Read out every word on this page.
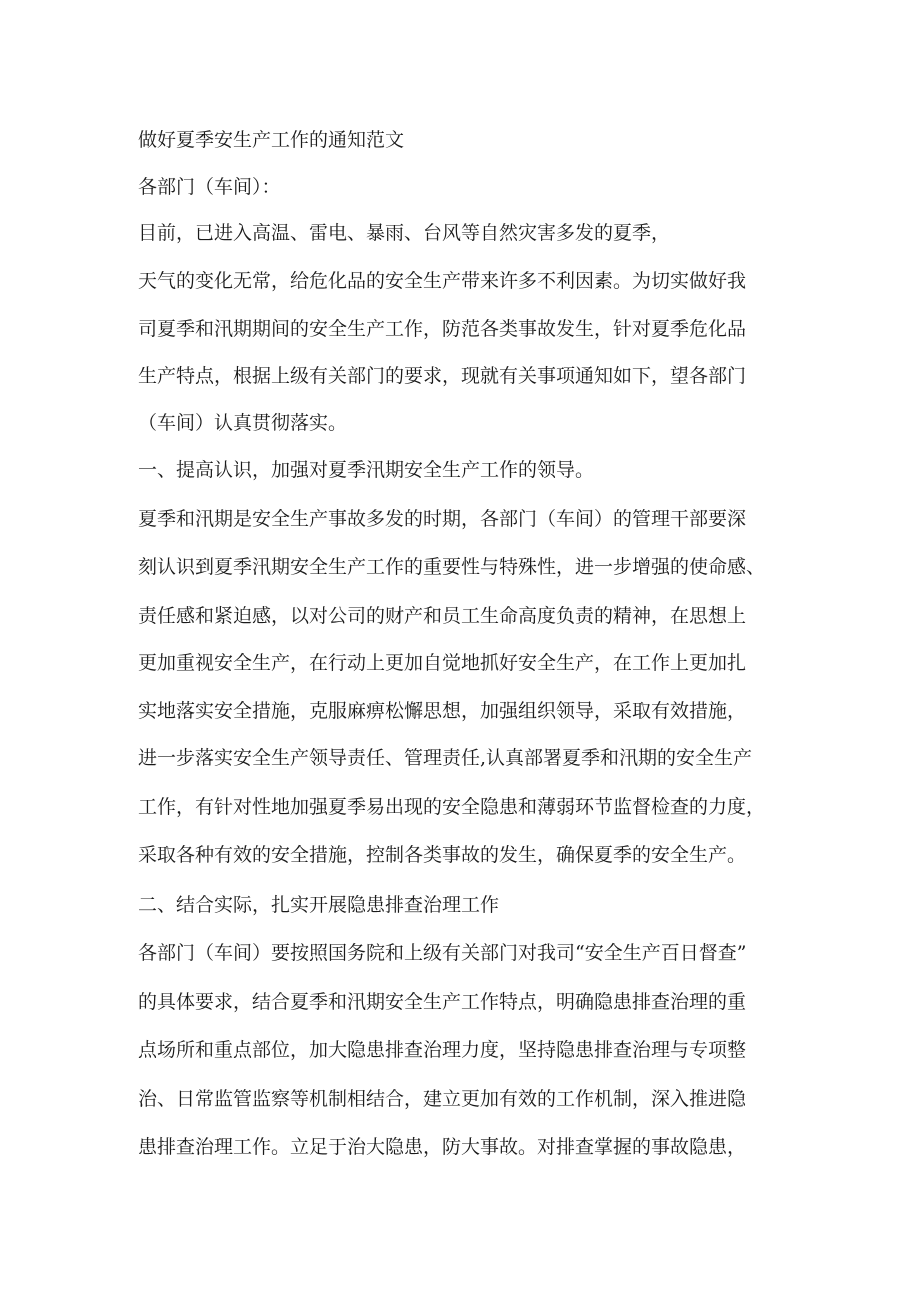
做好夏季安生产工作的通知范文

各部门（车间）：

目前，已进入高温、雷电、暴雨、台风等自然灾害多发的夏季，

天气的变化无常，给危化品的安全生产带来许多不利因素。为切实做好我

司夏季和汛期期间的安全生产工作，防范各类事故发生，针对夏季危化品

生产特点，根据上级有关部门的要求，现就有关事项通知如下，望各部门

（车间）认真贯彻落实。

一、提高认识，加强对夏季汛期安全生产工作的领导。

夏季和汛期是安全生产事故多发的时期，各部门（车间）的管理干部要深

刻认识到夏季汛期安全生产工作的重要性与特殊性，进一步增强的使命感、

责任感和紧迫感，以对公司的财产和员工生命高度负责的精神，在思想上

更加重视安全生产，在行动上更加自觉地抓好安全生产，在工作上更加扎

实地落实安全措施，克服麻痹松懈思想，加强组织领导，采取有效措施，

进一步落实安全生产领导责任、管理责任,认真部署夏季和汛期的安全生产

工作，有针对性地加强夏季易出现的安全隐患和薄弱环节监督检查的力度，

采取各种有效的安全措施，控制各类事故的发生，确保夏季的安全生产。

二、结合实际，扎实开展隐患排查治理工作

各部门（车间）要按照国务院和上级有关部门对我司“安全生产百日督查”

的具体要求，结合夏季和汛期安全生产工作特点，明确隐患排查治理的重

点场所和重点部位，加大隐患排查治理力度，坚持隐患排查治理与专项整

治、日常监管监察等机制相结合，建立更加有效的工作机制，深入推进隐

患排查治理工作。立足于治大隐患，防大事故。对排查掌握的事故隐患，
